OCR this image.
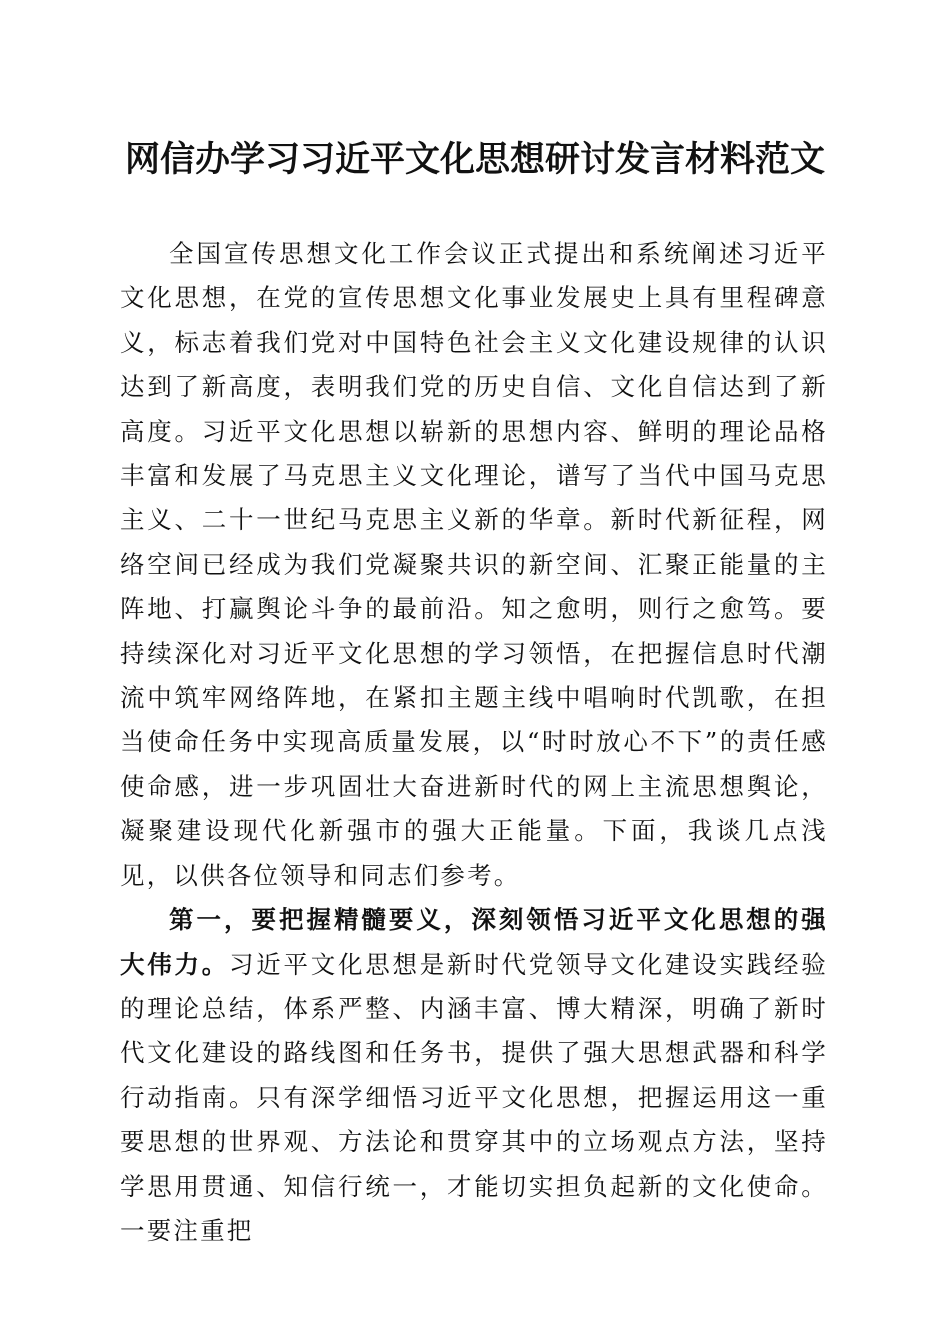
网信办学习习近平文化思想研讨发言材料范文

全国宣传思想文化工作会议正式提出和系统阐述习近平文化思想，在党的宣传思想文化事业发展史上具有里程碑意义，标志着我们党对中国特色社会主义文化建设规律的认识达到了新高度，表明我们党的历史自信、文化自信达到了新高度。习近平文化思想以崭新的思想内容、鲜明的理论品格丰富和发展了马克思主义文化理论，谱写了当代中国马克思主义、二十一世纪马克思主义新的华章。新时代新征程，网络空间已经成为我们党凝聚共识的新空间、汇聚正能量的主阵地、打赢舆论斗争的最前沿。知之愈明，则行之愈笃。要持续深化对习近平文化思想的学习领悟，在把握信息时代潮流中筑牢网络阵地，在紧扣主题主线中唱响时代凯歌，在担当使命任务中实现高质量发展，以“时时放心不下”的责任感使命感，进一步巩固壮大奋进新时代的网上主流思想舆论，凝聚建设现代化新强市的强大正能量。下面，我谈几点浅见，以供各位领导和同志们参考。

第一，要把握精髓要义，深刻领悟习近平文化思想的强大伟力。习近平文化思想是新时代党领导文化建设实践经验的理论总结，体系严整、内涵丰富、博大精深，明确了新时代文化建设的路线图和任务书，提供了强大思想武器和科学行动指南。只有深学细悟习近平文化思想，把握运用这一重要思想的世界观、方法论和贯穿其中的立场观点方法，坚持学思用贯通、知信行统一，才能切实担负起新的文化使命。一要注重把
